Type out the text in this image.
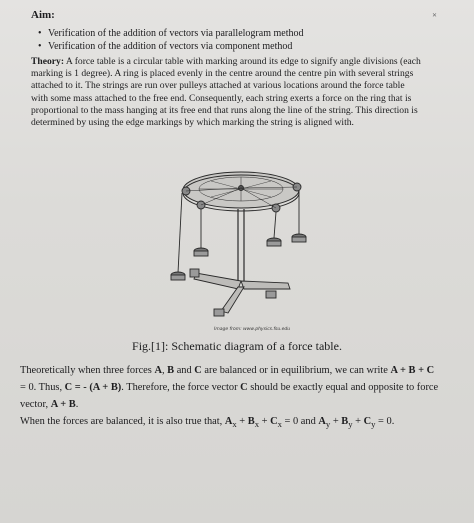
Aim:
• Verification of the addition of vectors via parallelogram method
• Verification of the addition of vectors via component method
✕
Theory: A force table is a circular table with marking around its edge to signify angle divisions (each marking is 1 degree). A ring is placed evenly in the centre around the centre pin with several strings attached to it. The strings are run over pulleys attached at various locations around the force table with some mass attached to the free end. Consequently, each string exerts a force on the ring that is proportional to the mass hanging at its free end that runs along the line of the string. This direction is determined by using the edge markings by which marking the string is aligned with.
Image from: www.physics.fsu.edu
Fig.[1]: Schematic diagram of a force table.

Theoretically when three forces A, B and C are balanced or in equilibrium, we can write A + B + C = 0. Thus, C = - (A + B). Therefore, the force vector C should be exactly equal and opposite to force vector, A + B.

When the forces are balanced, it is also true that, $A_x + B_x + C_x = 0$ and $A_y + B_y + C_y = 0$.
